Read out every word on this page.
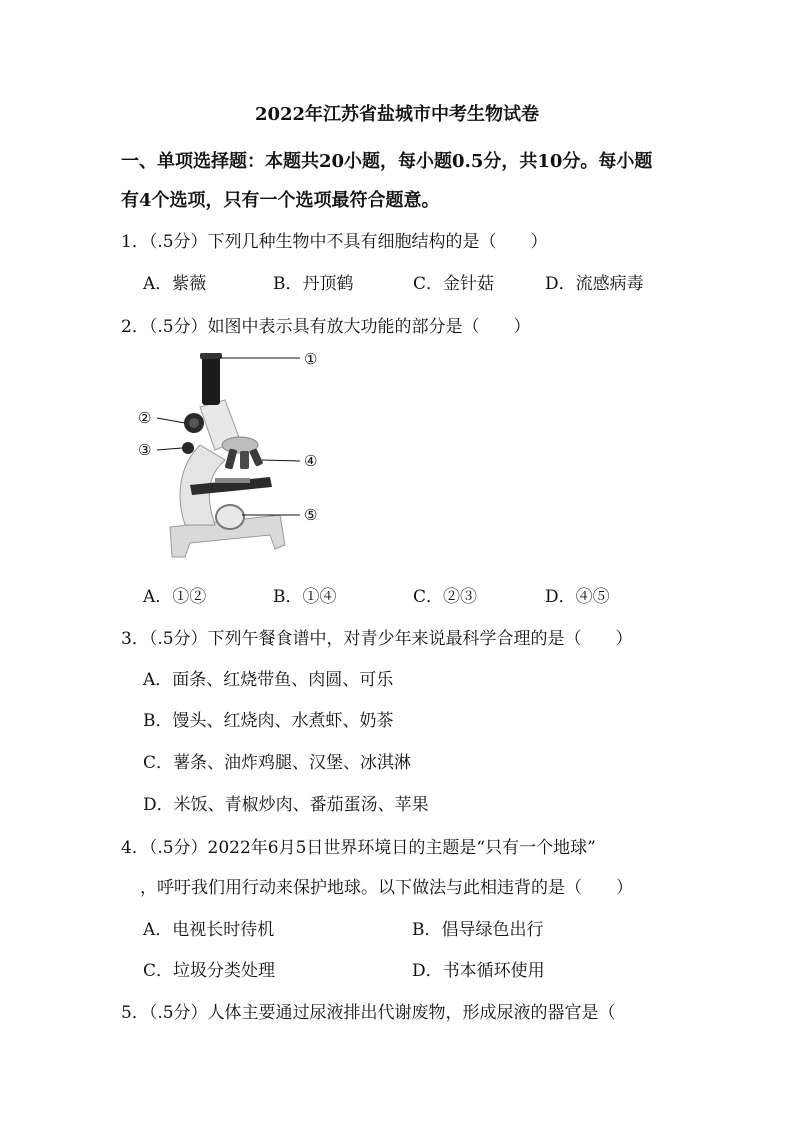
2022年江苏省盐城市中考生物试卷
一、单项选择题：本题共20小题，每小题0.5分，共10分。每小题
有4个选项，只有一个选项最符合题意。
1．（.5分）下列几种生物中不具有细胞结构的是（　　）
A．紫薇	B．丹顶鹤	C．金针菇	D．流感病毒
2．（.5分）如图中表示具有放大功能的部分是（　　）
①
②
③
④
⑤
A．①②	B．①④	C．②③	D．④⑤
3．（.5分）下列午餐食谱中，对青少年来说最科学合理的是（　　）
A．面条、红烧带鱼、肉圆、可乐
B．馒头、红烧肉、水煮虾、奶茶
C．薯条、油炸鸡腿、汉堡、冰淇淋
D．米饭、青椒炒肉、番茄蛋汤、苹果
4．（.5分）2022年6月5日世界环境日的主题是“只有一个地球”
，呼吁我们用行动来保护地球。以下做法与此相违背的是（　　）
A．电视长时待机	B．倡导绿色出行
C．垃圾分类处理	D．书本循环使用
5．（.5分）人体主要通过尿液排出代谢废物，形成尿液的器官是（
